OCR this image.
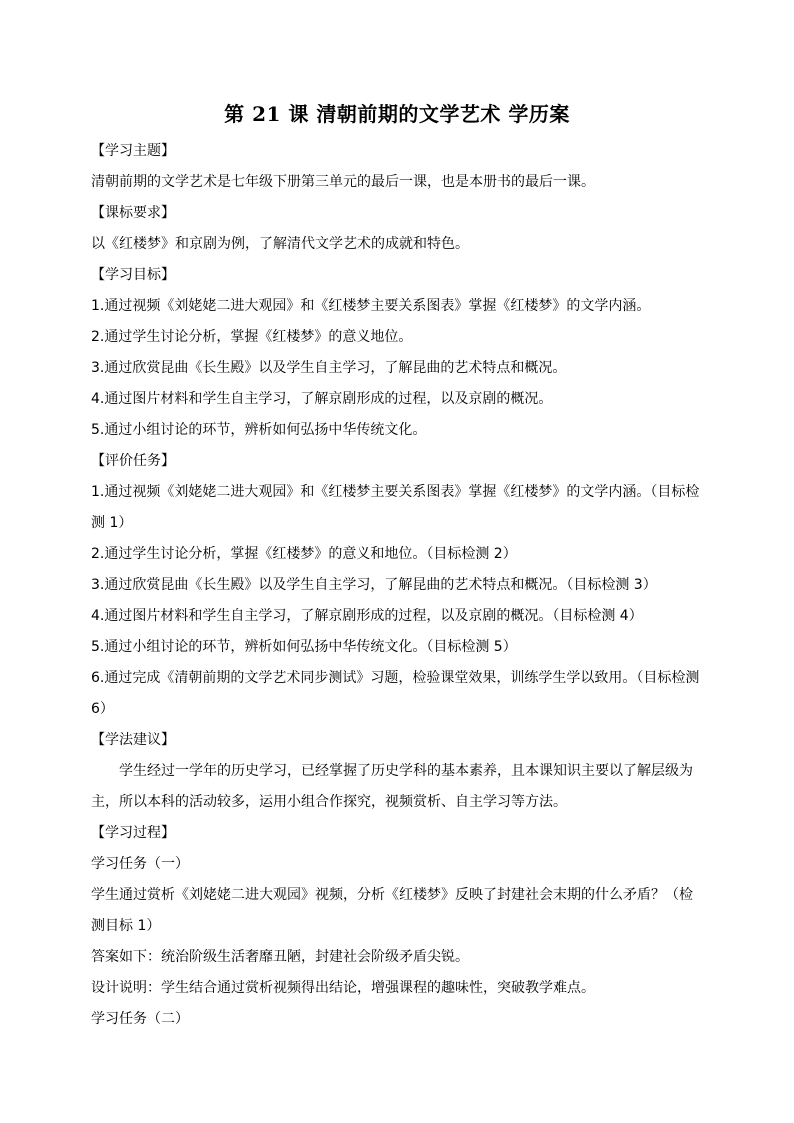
第 21 课 清朝前期的文学艺术 学历案

【学习主题】

清朝前期的文学艺术是七年级下册第三单元的最后一课，也是本册书的最后一课。

【课标要求】

以《红楼梦》和京剧为例，了解清代文学艺术的成就和特色。

【学习目标】

1.通过视频《刘姥姥二进大观园》和《红楼梦主要关系图表》掌握《红楼梦》的文学内涵。

2.通过学生讨论分析，掌握《红楼梦》的意义地位。

3.通过欣赏昆曲《长生殿》以及学生自主学习，了解昆曲的艺术特点和概况。

4.通过图片材料和学生自主学习，了解京剧形成的过程，以及京剧的概况。

5.通过小组讨论的环节，辨析如何弘扬中华传统文化。

【评价任务】

1.通过视频《刘姥姥二进大观园》和《红楼梦主要关系图表》掌握《红楼梦》的文学内涵。（目标检测 1）

2.通过学生讨论分析，掌握《红楼梦》的意义和地位。（目标检测 2）

3.通过欣赏昆曲《长生殿》以及学生自主学习，了解昆曲的艺术特点和概况。（目标检测 3）

4.通过图片材料和学生自主学习，了解京剧形成的过程，以及京剧的概况。（目标检测 4）

5.通过小组讨论的环节，辨析如何弘扬中华传统文化。（目标检测 5）

6.通过完成《清朝前期的文学艺术同步测试》习题，检验课堂效果，训练学生学以致用。（目标检测 6）

【学法建议】

学生经过一学年的历史学习，已经掌握了历史学科的基本素养，且本课知识主要以了解层级为主，所以本科的活动较多，运用小组合作探究，视频赏析、自主学习等方法。

【学习过程】

学习任务（一）

学生通过赏析《刘姥姥二进大观园》视频，分析《红楼梦》反映了封建社会末期的什么矛盾？（检测目标 1）

答案如下：统治阶级生活奢靡丑陋，封建社会阶级矛盾尖锐。

设计说明：学生结合通过赏析视频得出结论，增强课程的趣味性，突破教学难点。

学习任务（二）
